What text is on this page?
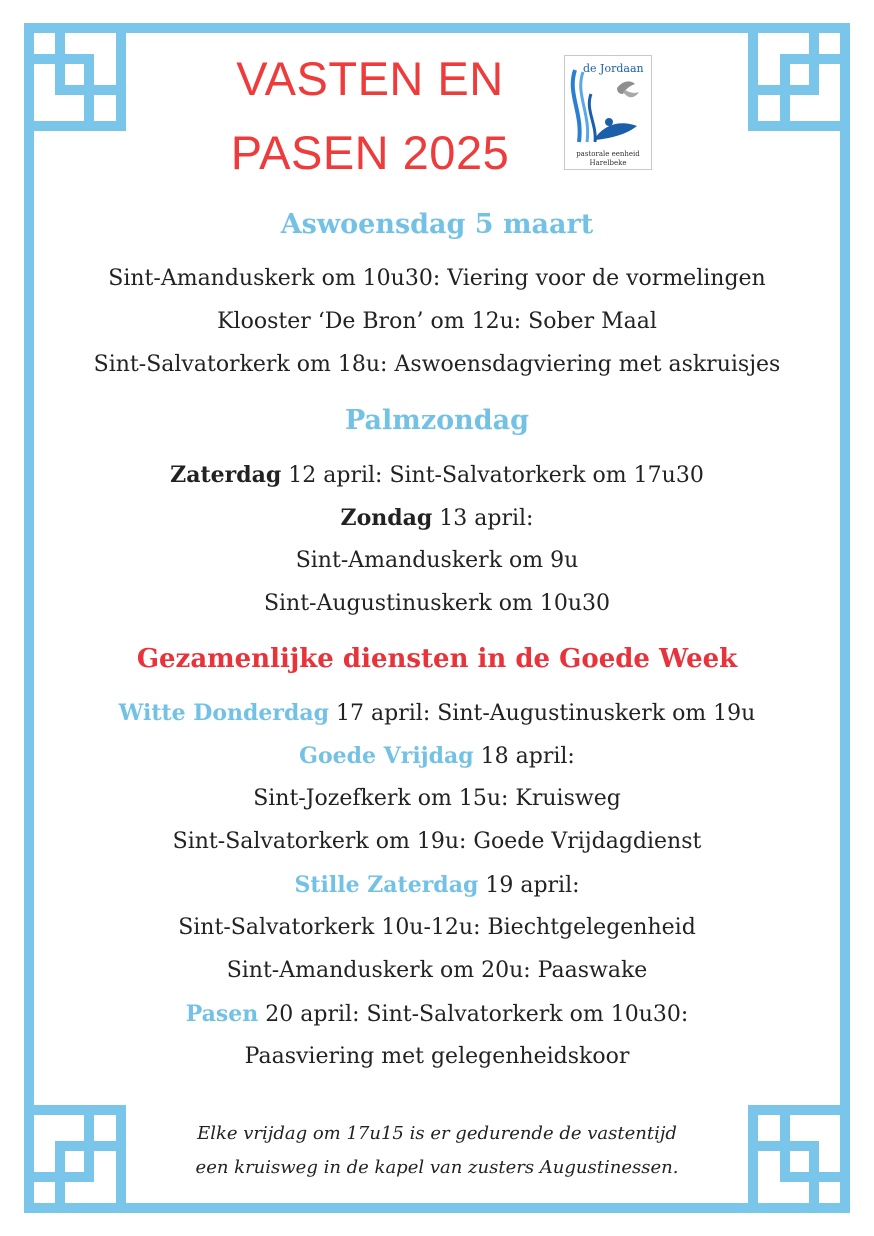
VASTEN EN
PASEN 2025
de Jordaan
pastorale eenheid
Harelbeke
Aswoensdag 5 maart
Sint-Amanduskerk om 10u30: Viering voor de vormelingen
Klooster ‘De Bron’ om 12u: Sober Maal
Sint-Salvatorkerk om 18u: Aswoensdagviering met askruisjes
Palmzondag
Zaterdag 12 april: Sint-Salvatorkerk om 17u30
Zondag 13 april:
Sint-Amanduskerk om 9u
Sint-Augustinuskerk om 10u30
Gezamenlijke diensten in de Goede Week
Witte Donderdag 17 april: Sint-Augustinuskerk om 19u
Goede Vrijdag 18 april:
Sint-Jozefkerk om 15u: Kruisweg
Sint-Salvatorkerk om 19u: Goede Vrijdagdienst
Stille Zaterdag 19 april:
Sint-Salvatorkerk 10u-12u: Biechtgelegenheid
Sint-Amanduskerk om 20u: Paaswake
Pasen 20 april: Sint-Salvatorkerk om 10u30:
Paasviering met gelegenheidskoor
Elke vrijdag om 17u15 is er gedurende de vastentijd
een kruisweg in de kapel van zusters Augustinessen.
